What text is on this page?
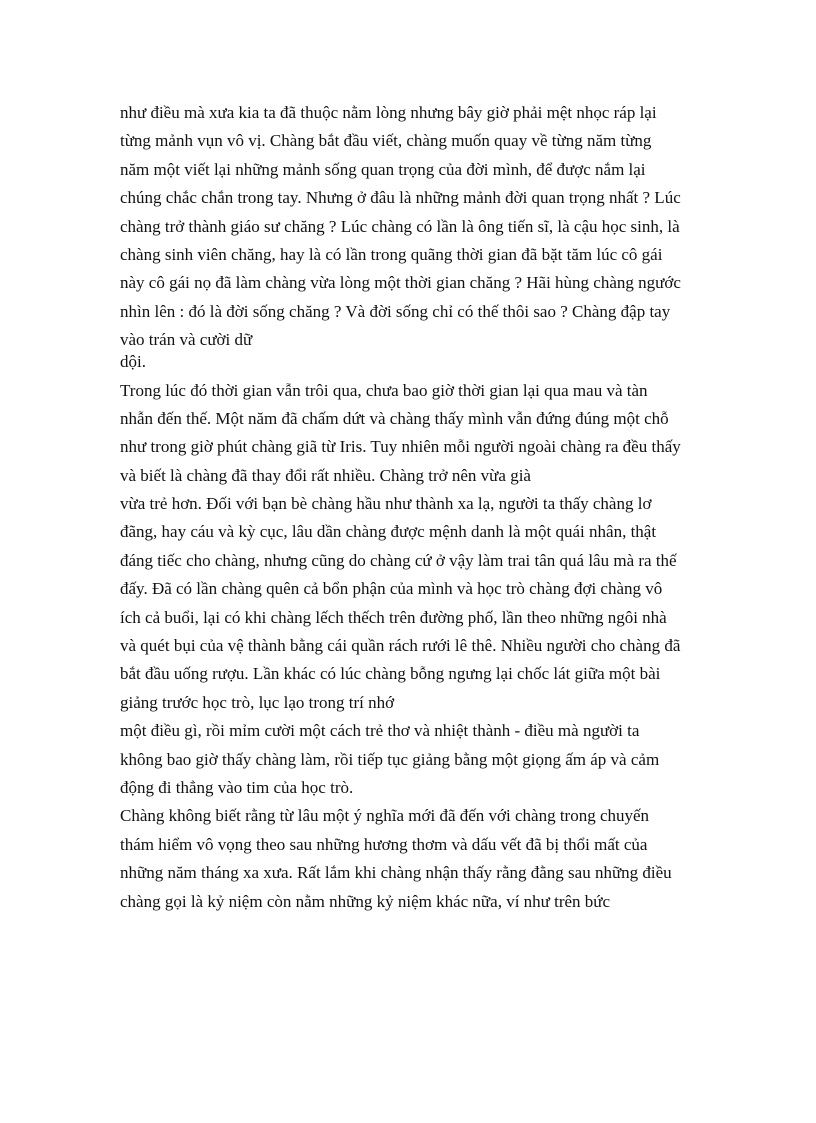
như điều mà xưa kia ta đã thuộc nằm lòng nhưng bây giờ phải mệt nhọc ráp lại
từng mảnh vụn vô vị. Chàng bắt đầu viết, chàng muốn quay về từng năm từng
năm một viết lại những mảnh sống quan trọng của đời mình, để được nắm lại
chúng chắc chắn trong tay. Nhưng ở đâu là những mảnh đời quan trọng nhất ? Lúc
chàng trở thành giáo sư chăng ? Lúc chàng có lần là ông tiến sĩ, là cậu học sinh, là
chàng sinh viên chăng, hay là có lần trong quãng thời gian đã bặt tăm lúc cô gái
này cô gái nọ đã làm chàng vừa lòng một thời gian chăng ? Hãi hùng chàng ngước
nhìn lên : đó là đời sống chăng ? Và đời sống chỉ có thế thôi sao ? Chàng đập tay
vào trán và cười dữ
dội.
Trong lúc đó thời gian vẫn trôi qua, chưa bao giờ thời gian lại qua mau và tàn
nhẫn đến thế. Một năm đã chấm dứt và chàng thấy mình vẫn đứng đúng một chỗ
như trong giờ phút chàng giã từ Iris. Tuy nhiên mỗi người ngoài chàng ra đều thấy
và biết là chàng đã thay đổi rất nhiều. Chàng trở nên vừa già
vừa trẻ hơn. Đối với bạn bè chàng hầu như thành xa lạ, người ta thấy chàng lơ
đãng, hay cáu và kỳ cục, lâu dần chàng được mệnh danh là một quái nhân, thật
đáng tiếc cho chàng, nhưng cũng do chàng cứ ở vậy làm trai tân quá lâu mà ra thế
đấy. Đã có lần chàng quên cả bổn phận của mình và học trò chàng đợi chàng vô
ích cả buổi, lại có khi chàng lếch thếch trên đường phố, lần theo những ngôi nhà
và quét bụi của vệ thành bằng cái quần rách rưới lê thê. Nhiều người cho chàng đã
bắt đầu uống rượu. Lần khác có lúc chàng bỗng ngưng lại chốc lát giữa một bài
giảng trước học trò, lục lạo trong trí nhớ
một điều gì, rồi mỉm cười một cách trẻ thơ và nhiệt thành - điều mà người ta
không bao giờ thấy chàng làm, rồi tiếp tục giảng bằng một giọng ấm áp và cảm
động đi thẳng vào tim của học trò.
Chàng không biết rằng từ lâu một ý nghĩa mới đã đến với chàng trong chuyến
thám hiểm vô vọng theo sau những hương thơm và dấu vết đã bị thổi mất của
những năm tháng xa xưa. Rất lắm khi chàng nhận thấy rằng đằng sau những điều
chàng gọi là kỷ niệm còn nằm những kỷ niệm khác nữa, ví như trên bức
